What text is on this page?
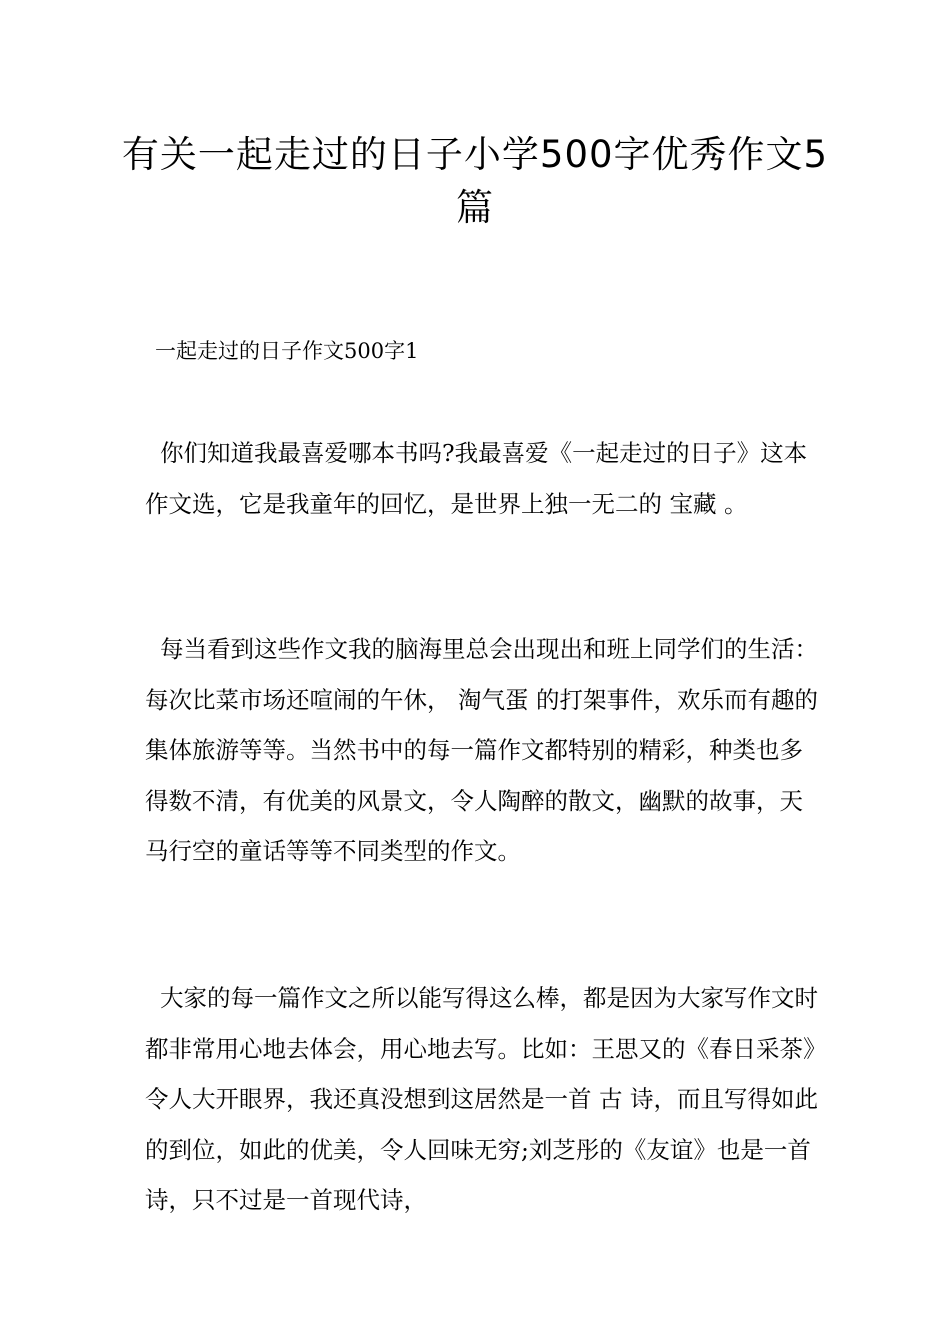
有关一起走过的日子小学500字优秀作文5篇
一起走过的日子作文500字1

你们知道我最喜爱哪本书吗?我最喜爱《一起走过的日子》这本作文选，它是我童年的回忆，是世界上独一无二的 宝藏 。

每当看到这些作文我的脑海里总会出现出和班上同学们的生活：每次比菜市场还喧闹的午休， 淘气蛋 的打架事件，欢乐而有趣的集体旅游等等。当然书中的每一篇作文都特别的精彩，种类也多得数不清，有优美的风景文，令人陶醉的散文，幽默的故事，天马行空的童话等等不同类型的作文。

大家的每一篇作文之所以能写得这么棒，都是因为大家写作文时都非常用心地去体会，用心地去写。比如：王思又的《春日采茶》令人大开眼界，我还真没想到这居然是一首 古 诗，而且写得如此的到位，如此的优美，令人回味无穷;刘芝彤的《友谊》也是一首诗，只不过是一首现代诗，
